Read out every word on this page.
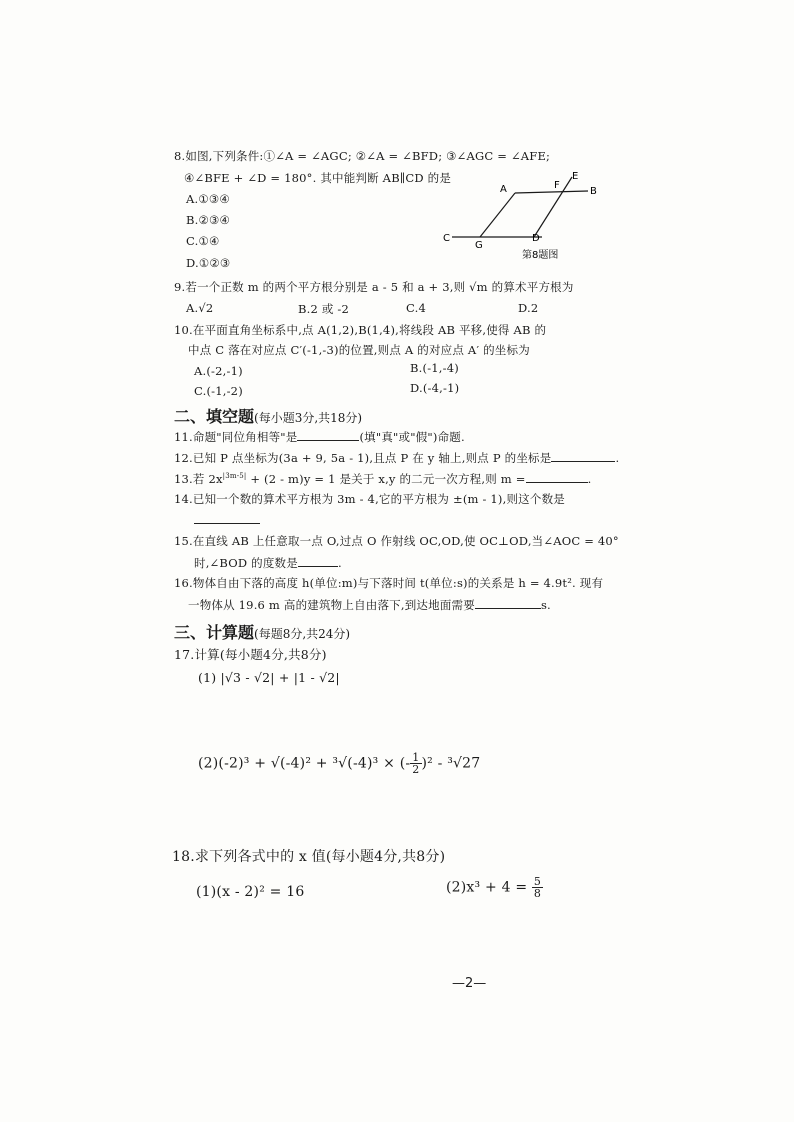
8.如图,下列条件:①∠A = ∠AGC; ②∠A = ∠BFD; ③∠AGC = ∠AFE;
④∠BFE + ∠D = 180°. 其中能判断 AB∥CD 的是
A.①③④
B.②③④
C.①④
D.①②③
A
E
F
B
C
G
D
第8题图
9.若一个正数 m 的两个平方根分别是 a - 5 和 a + 3,则 √m 的算术平方根为
A.√2	B.2 或 -2	C.4	D.2
10.在平面直角坐标系中,点 A(1,2),B(1,4),将线段 AB 平移,使得 AB 的
中点 C 落在对应点 C′(-1,-3)的位置,则点 A 的对应点 A′ 的坐标为
A.(-2,-1)	B.(-1,-4)
C.(-1,-2)	D.(-4,-1)
二、填空题(每小题3分,共18分)
11.命题"同位角相等"是	(填"真"或"假")命题.
12.已知 P 点坐标为(3a + 9, 5a - 1),且点 P 在 y 轴上,则点 P 的坐标是	.
13.若 $2x^{|3m-5|} + (2 - m)y = 1$ 是关于 x,y 的二元一次方程,则 m =	.
14.已知一个数的算术平方根为 3m - 4,它的平方根为 ±(m - 1),则这个数是
15.在直线 AB 上任意取一点 O,过点 O 作射线 OC,OD,使 OC⊥OD,当∠AOC = 40°
时,∠BOD 的度数是	.
16.物体自由下落的高度 h(单位:m)与下落时间 t(单位:s)的关系是 h = 4.9t². 现有
一物体从 19.6 m 高的建筑物上自由落下,到达地面需要	s.
三、计算题(每题8分,共24分)
17.计算(每小题4分,共8分)
(1) |√3 - √2| + |1 - √2|
(2)(-2)³ + √(-4)² + ³√(-4)³ × (- $\frac{1}{2} )^2 - ^3√27$
18.求下列各式中的 x 值(每小题4分,共8分)
(1)(x - 2)² = 16	$(2)x^3 + 4 = \frac{5}{8}$
—2—
